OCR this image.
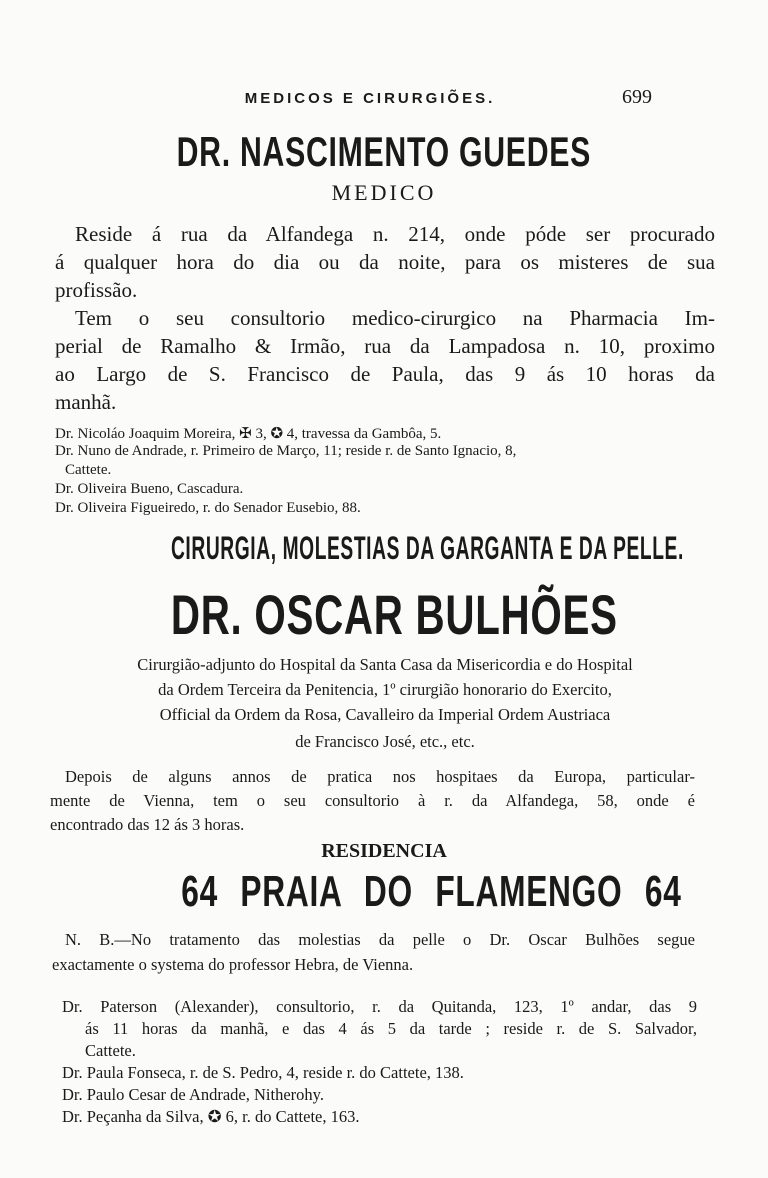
MEDICOS E CIRURGIÕES.	699
DR. NASCIMENTO GUEDES
MEDICO
Reside á rua da Alfandega n. 214, onde póde ser procurado
á qualquer hora do dia ou da noite, para os misteres de sua
profissão.
Tem o seu consultorio medico-cirurgico na Pharmacia Im-
perial de Ramalho & Irmão, rua da Lampadosa n. 10, proximo
ao Largo de S. Francisco de Paula, das 9 ás 10 horas da
manhã.
Dr. Nicoláo Joaquim Moreira, ✠ 3, ✪ 4, travessa da Gambôa, 5.
Dr. Nuno de Andrade, r. Primeiro de Março, 11; reside r. de Santo Ignacio, 8,
Cattete.
Dr. Oliveira Bueno, Cascadura.
Dr. Oliveira Figueiredo, r. do Senador Eusebio, 88.
CIRURGIA, MOLESTIAS DA GARGANTA E DA PELLE.
DR. OSCAR BULHÕES
Cirurgião-adjunto do Hospital da Santa Casa da Misericordia e do Hospital
da Ordem Terceira da Penitencia, 1º cirurgião honorario do Exercito,
Official da Ordem da Rosa, Cavalleiro da Imperial Ordem Austriaca
de Francisco José, etc., etc.
Depois de alguns annos de pratica nos hospitaes da Europa, particular-
mente de Vienna, tem o seu consultorio à r. da Alfandega, 58, onde é
encontrado das 12 ás 3 horas.
RESIDENCIA
64 PRAIA DO FLAMENGO 64
N. B.—No tratamento das molestias da pelle o Dr. Oscar Bulhões segue
exactamente o systema do professor Hebra, de Vienna.
Dr. Paterson (Alexander), consultorio, r. da Quitanda, 123, 1º andar, das 9
ás 11 horas da manhã, e das 4 ás 5 da tarde ; reside r. de S. Salvador,
Cattete.
Dr. Paula Fonseca, r. de S. Pedro, 4, reside r. do Cattete, 138.
Dr. Paulo Cesar de Andrade, Nitherohy.
Dr. Peçanha da Silva, ✪ 6, r. do Cattete, 163.
